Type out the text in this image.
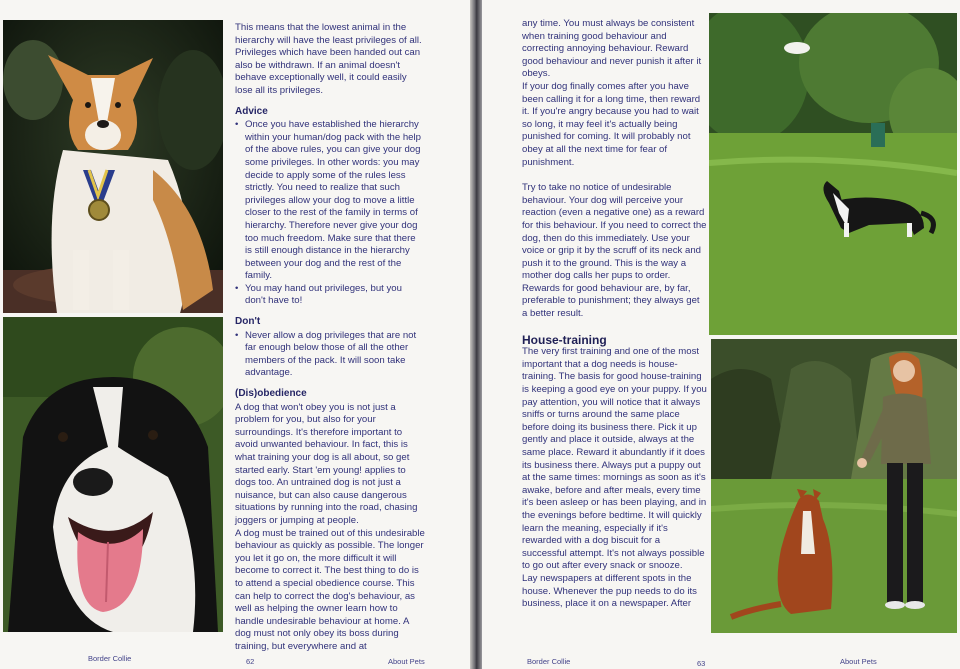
This means that the lowest animal in the hierarchy will have the least privileges of all. Privileges which have been handed out can also be withdrawn. If an animal doesn't behave exceptionally well, it could easily lose all its privileges.

Advice
• Once you have established the hierarchy within your human/dog pack with the help of the above rules, you can give your dog some privileges. In other words: you may decide to apply some of the rules less strictly. You need to realize that such privileges allow your dog to move a little closer to the rest of the family in terms of hierarchy. Therefore never give your dog too much freedom. Make sure that there is still enough distance in the hierarchy between your dog and the rest of the family.
• You may hand out privileges, but you don't have to!
Don't
• Never allow a dog privileges that are not far enough below those of all the other members of the pack. It will soon take advantage.
(Dis)obedience

A dog that won't obey you is not just a problem for you, but also for your surroundings. It's therefore important to avoid unwanted behaviour. In fact, this is what training your dog is all about, so get started early. Start 'em young! applies to dogs too. An untrained dog is not just a nuisance, but can also cause dangerous situations by running into the road, chasing joggers or jumping at people.

A dog must be trained out of this undesirable behaviour as quickly as possible. The longer you let it go on, the more difficult it will become to correct it. The best thing to do is to attend a special obedience course. This can help to correct the dog's behaviour, as well as helping the owner learn how to handle undesirable behaviour at home. A dog must not only obey its boss during training, but everywhere and at

Border Collie	62	About Pets

any time. You must always be consistent when training good behaviour and correcting annoying behaviour. Reward good behaviour and never punish it after it obeys.

If your dog finally comes after you have been calling it for a long time, then reward it. If you're angry because you had to wait so long, it may feel it's actually being punished for coming. It will probably not obey at all the next time for fear of punishment.

Try to take no notice of undesirable behaviour. Your dog will perceive your reaction (even a negative one) as a reward for this behaviour. If you need to correct the dog, then do this immediately. Use your voice or grip it by the scruff of its neck and push it to the ground. This is the way a mother dog calls her pups to order. Rewards for good behaviour are, by far, preferable to punishment; they always get a better result.

House-training

The very first training and one of the most important that a dog needs is house-training. The basis for good house-training is keeping a good eye on your puppy. If you pay attention, you will notice that it always sniffs or turns around the same place before doing its business there. Pick it up gently and place it outside, always at the same place. Reward it abundantly if it does its business there. Always put a puppy out at the same times: mornings as soon as it's awake, before and after meals, every time it's been asleep or has been playing, and in the evenings before bedtime. It will quickly learn the meaning, especially if it's rewarded with a dog biscuit for a successful attempt. It's not always possible to go out after every snack or snooze.

Lay newspapers at different spots in the house. Whenever the pup needs to do its business, place it on a newspaper. After

Border Collie	63	About Pets
